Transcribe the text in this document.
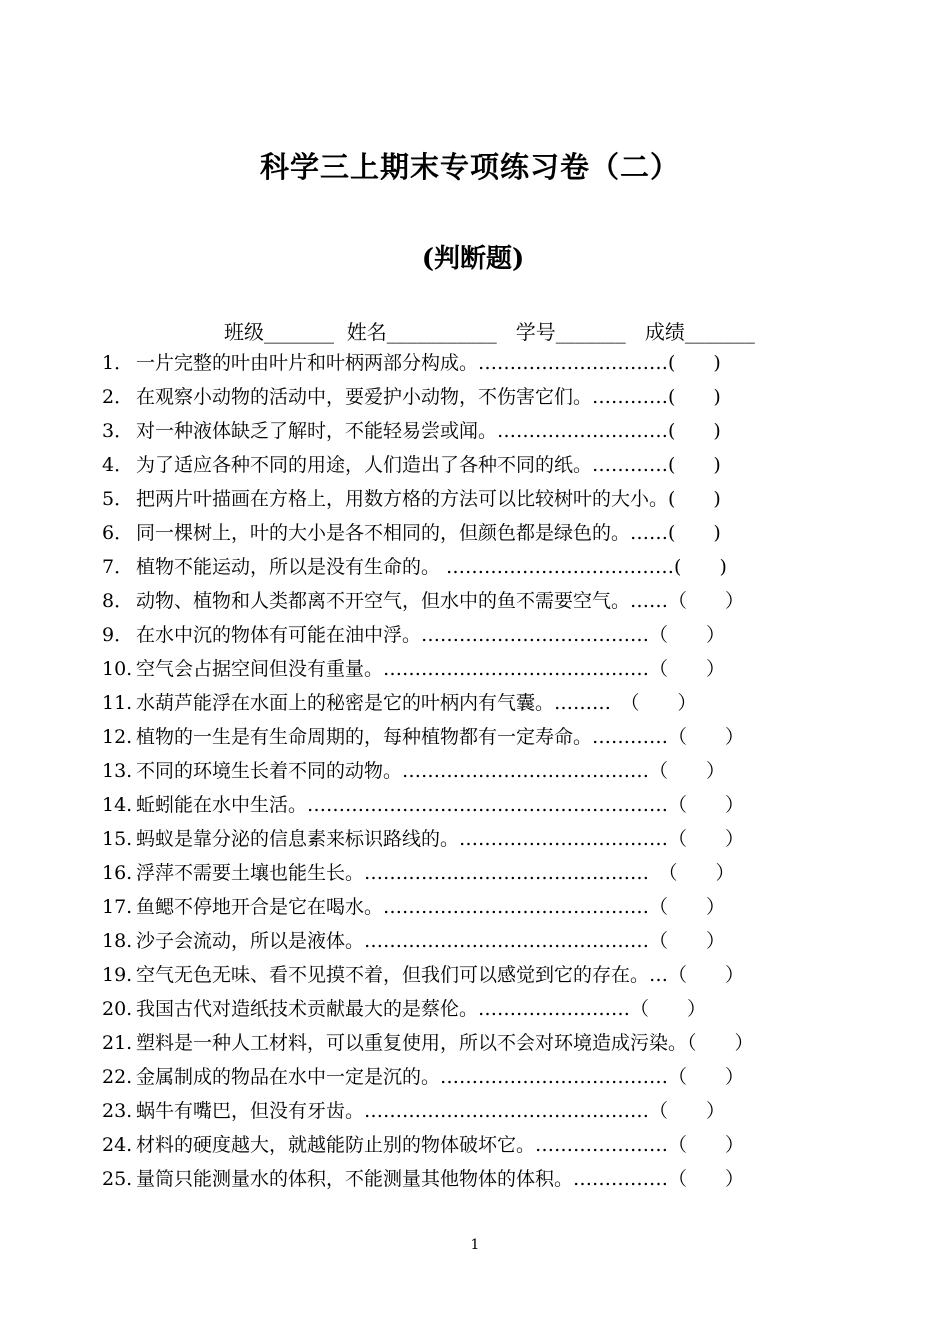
科学三上期末专项练习卷（二）
(判断题)
班级_______  姓名___________   学号_______   成绩_______
1． 一片完整的叶由叶片和叶柄两部分构成。…………………………(　　)
2． 在观察小动物的活动中，要爱护小动物，不伤害它们。…………(　　)
3． 对一种液体缺乏了解时，不能轻易尝或闻。………………………(　　)
4． 为了适应各种不同的用途，人们造出了各种不同的纸。…………(　　)
5． 把两片叶描画在方格上，用数方格的方法可以比较树叶的大小。(　　)
6． 同一棵树上，叶的大小是各不相同的，但颜色都是绿色的。……(　　)
7． 植物不能运动，所以是没有生命的。 ………………………………(　　)
8． 动物、植物和人类都离不开空气，但水中的鱼不需要空气。……（　　）
9． 在水中沉的物体有可能在油中浮。………………………………（　　）
10. 空气会占据空间但没有重量。……………………………………（　　）
11. 水葫芦能浮在水面上的秘密是它的叶柄内有气囊。………　（　　）
12. 植物的一生是有生命周期的，每种植物都有一定寿命。…………（　　）
13. 不同的环境生长着不同的动物。…………………………………（　　）
14. 蚯蚓能在水中生活。…………………………………………………（　　）
15. 蚂蚁是靠分泌的信息素来标识路线的。……………………………（　　）
16. 浮萍不需要土壤也能生长。………………………………………　（　　）
17. 鱼鳃不停地开合是它在喝水。……………………………………（　　）
18. 沙子会流动，所以是液体。………………………………………（　　）
19. 空气无色无味、看不见摸不着，但我们可以感觉到它的存在。…（　　）
20. 我国古代对造纸技术贡献最大的是蔡伦。……………………（　　）
21. 塑料是一种人工材料，可以重复使用，所以不会对环境造成污染。（　　）
22. 金属制成的物品在水中一定是沉的。………………………………（　　）
23. 蜗牛有嘴巴，但没有牙齿。………………………………………（　　）
24. 材料的硬度越大，就越能防止别的物体破坏它。…………………（　　）
25. 量筒只能测量水的体积，不能测量其他物体的体积。……………（　　）
1
